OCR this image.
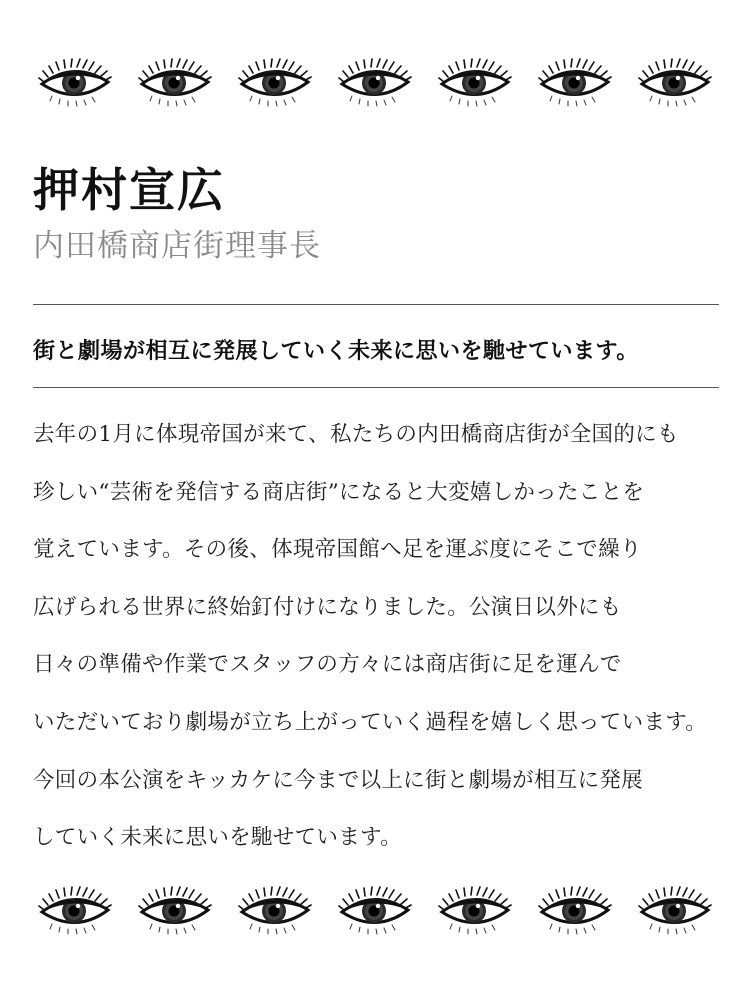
押村宣広
内田橋商店街理事長
街と劇場が相互に発展していく未来に思いを馳せています。
去年の1月に体現帝国が来て、私たちの内田橋商店街が全国的にも
珍しい“芸術を発信する商店街”になると大変嬉しかったことを
覚えています。その後、体現帝国館へ足を運ぶ度にそこで繰り
広げられる世界に終始釘付けになりました。公演日以外にも
日々の準備や作業でスタッフの方々には商店街に足を運んで
いただいており劇場が立ち上がっていく過程を嬉しく思っています。
今回の本公演をキッカケに今まで以上に街と劇場が相互に発展
していく未来に思いを馳せています。
